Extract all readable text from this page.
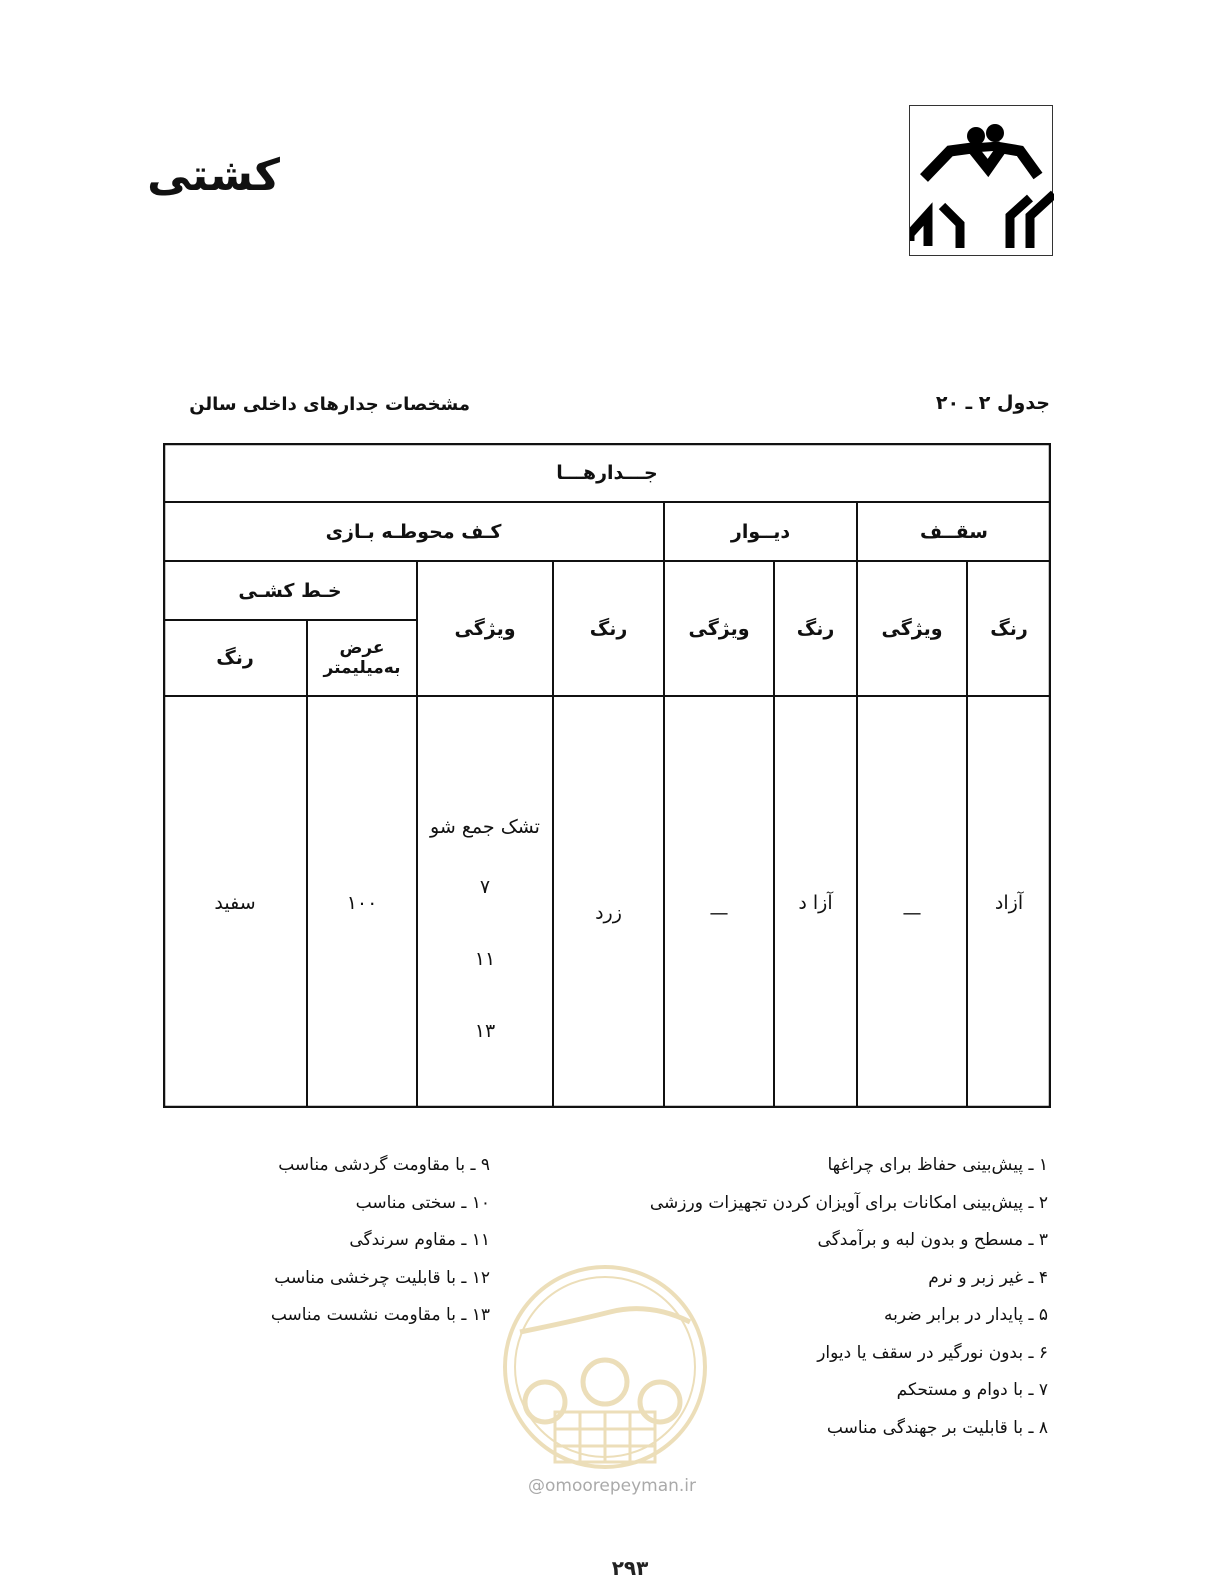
کشتی
جدول ۲ ـ ۲۰
مشخصات جدارهای داخلی سالن
جـــدارهـــا
سقــف
دیــوار
کـف محوطـه بـازی
رنگ
ویژگی
رنگ
ویژگی
رنگ
ویژگی
خـط کشـی
عرض به‌میلیمتر
رنگ
آزاد
—
آزا د
—
زرد
تشک جمع شو
۷
۱۱
۱۳
۱۰۰
سفید
۱ ـ پیش‌بینی حفاظ برای چراغها
۲ ـ پیش‌بینی امکانات برای آویزان کردن تجهیزات ورزشی
۳ ـ مسطح و بدون لبه و برآمدگی
۴ ـ غیر زبر و نرم
۵ ـ پایدار در برابر ضربه
۶ ـ بدون نورگیر در سقف یا دیوار
۷ ـ با دوام و مستحکم
۸ ـ با قابلیت بر جهندگی مناسب
۹ ـ با مقاومت گردشی مناسب
۱۰ ـ سختی مناسب
۱۱ ـ مقاوم سرندگی
۱۲ ـ با قابلیت چرخشی مناسب
۱۳ ـ با مقاومت نشست مناسب
@omoorepeyman.ir
۲۹۳
